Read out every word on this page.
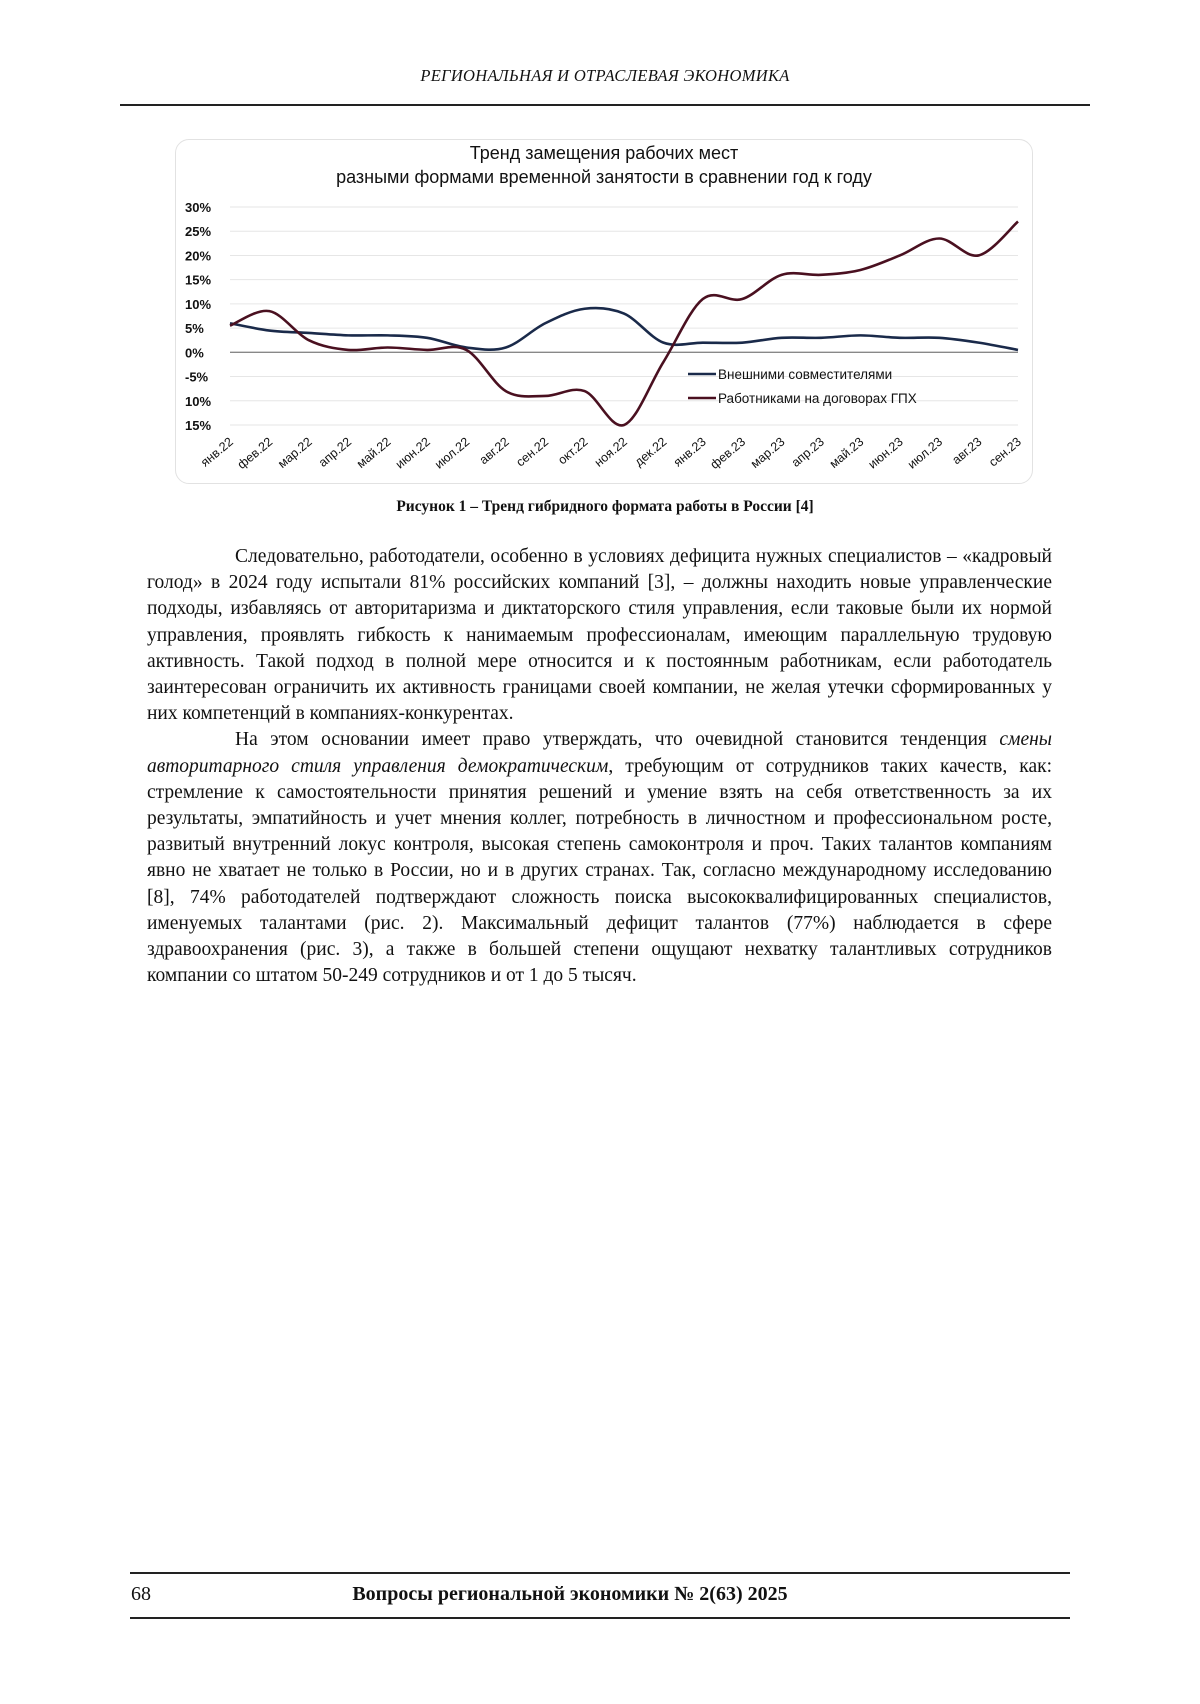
РЕГИОНАЛЬНАЯ И ОТРАСЛЕВАЯ ЭКОНОМИКА
Тренд замещения рабочих мест
разными формами временной занятости в сравнении год к году
30%
25%
20%
15%
10%
5%
0%
-5%
10%
15%
янв.22
фев.22 мар.22 апр.22 май.22 июн.22 июл.22 авг.22 сен.22 окт.22 ноя.22 дек.22 янв.23
фев.23 мар.23 апр.23 май.23 июн.23 июл.23 авг.23 сен.23
Внешними совместителями
Работниками на договорах ГПХ
Рисунок 1 – Тренд гибридного формата работы в России [4]

Следовательно, работодатели, особенно в условиях дефицита нужных специалистов – «кадровый голод» в 2024 году испытали 81% российских компаний [3], – должны находить новые управленческие подходы, избавляясь от авторитаризма и диктаторского стиля управления, если таковые были их нормой управления, проявлять гибкость к нанимаемым профессионалам, имеющим параллельную трудовую активность. Такой подход в полной мере относится и к постоянным работникам, если работодатель заинтересован ограничить их активность границами своей компании, не желая утечки сформированных у них компетенций в компаниях-конкурентах.

На этом основании имеет право утверждать, что очевидной становится тенденция смены авторитарного стиля управления демократическим, требующим от сотрудников таких качеств, как: стремление к самостоятельности принятия решений и умение взять на себя ответственность за их результаты, эмпатийность и учет мнения коллег, потребность в личностном и профессиональном росте, развитый внутренний локус контроля, высокая степень самоконтроля и проч. Таких талантов компаниям явно не хватает не только в России, но и в других странах. Так, согласно международному исследованию [8], 74% работодателей подтверждают сложность поиска высококвалифицированных специалистов, именуемых талантами (рис. 2). Максимальный дефицит талантов (77%) наблюдается в сфере здравоохранения (рис. 3), а также в большей степени ощущают нехватку талантливых сотрудников компании со штатом 50-249 сотрудников и от 1 до 5 тысяч.

68	Вопросы региональной экономики № 2(63) 2025
